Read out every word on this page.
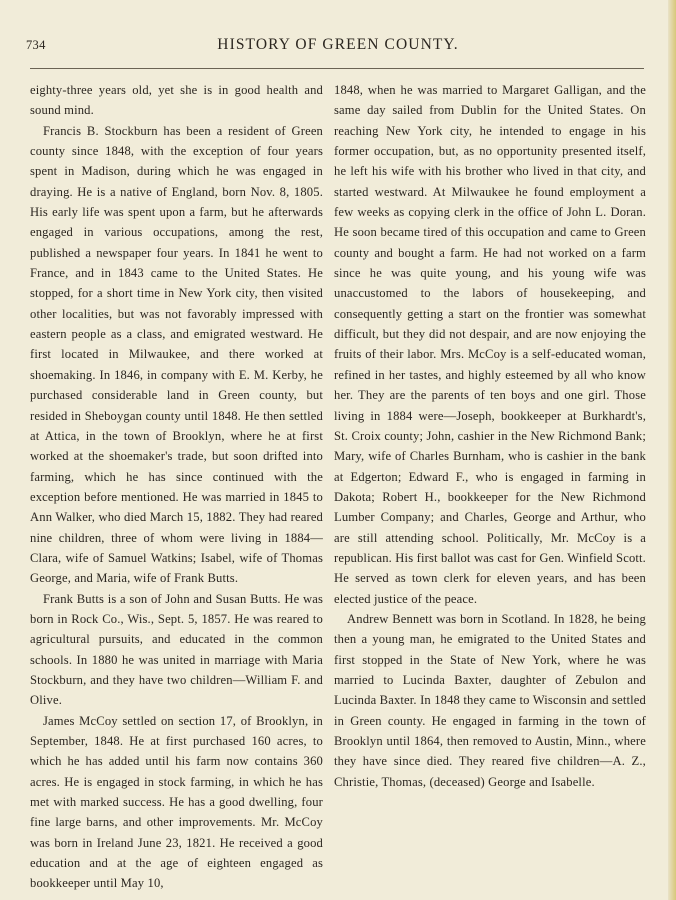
734	HISTORY OF GREEN COUNTY.

eighty-three years old, yet she is in good health and sound mind.

Francis B. Stockburn has been a resident of Green county since 1848, with the exception of four years spent in Madison, during which he was engaged in draying. He is a native of England, born Nov. 8, 1805. His early life was spent upon a farm, but he afterwards engaged in various occupations, among the rest, published a newspaper four years. In 1841 he went to France, and in 1843 came to the United States. He stopped, for a short time in New York city, then visited other localities, but was not favorably impressed with eastern people as a class, and emigrated westward. He first located in Milwaukee, and there worked at shoemaking. In 1846, in company with E. M. Kerby, he purchased considerable land in Green county, but resided in Sheboygan county until 1848. He then settled at Attica, in the town of Brooklyn, where he at first worked at the shoemaker's trade, but soon drifted into farming, which he has since continued with the exception before mentioned. He was married in 1845 to Ann Walker, who died March 15, 1882. They had reared nine children, three of whom were living in 1884—Clara, wife of Samuel Watkins; Isabel, wife of Thomas George, and Maria, wife of Frank Butts.

Frank Butts is a son of John and Susan Butts. He was born in Rock Co., Wis., Sept. 5, 1857. He was reared to agricultural pursuits, and educated in the common schools. In 1880 he was united in marriage with Maria Stockburn, and they have two children—William F. and Olive.

James McCoy settled on section 17, of Brooklyn, in September, 1848. He at first purchased 160 acres, to which he has added until his farm now contains 360 acres. He is engaged in stock farming, in which he has met with marked success. He has a good dwelling, four fine large barns, and other improvements. Mr. McCoy was born in Ireland June 23, 1821. He received a good education and at the age of eighteen engaged as bookkeeper until May 10,

1848, when he was married to Margaret Galligan, and the same day sailed from Dublin for the United States. On reaching New York city, he intended to engage in his former occupation, but, as no opportunity presented itself, he left his wife with his brother who lived in that city, and started westward. At Milwaukee he found employment a few weeks as copying clerk in the office of John L. Doran. He soon became tired of this occupation and came to Green county and bought a farm. He had not worked on a farm since he was quite young, and his young wife was unaccustomed to the labors of housekeeping, and consequently getting a start on the frontier was somewhat difficult, but they did not despair, and are now enjoying the fruits of their labor. Mrs. McCoy is a self-educated woman, refined in her tastes, and highly esteemed by all who know her. They are the parents of ten boys and one girl. Those living in 1884 were—Joseph, bookkeeper at Burkhardt's, St. Croix county; John, cashier in the New Richmond Bank; Mary, wife of Charles Burnham, who is cashier in the bank at Edgerton; Edward F., who is engaged in farming in Dakota; Robert H., bookkeeper for the New Richmond Lumber Company; and Charles, George and Arthur, who are still attending school. Politically, Mr. McCoy is a republican. His first ballot was cast for Gen. Winfield Scott. He served as town clerk for eleven years, and has been elected justice of the peace.

Andrew Bennett was born in Scotland. In 1828, he being then a young man, he emigrated to the United States and first stopped in the State of New York, where he was married to Lucinda Baxter, daughter of Zebulon and Lucinda Baxter. In 1848 they came to Wisconsin and settled in Green county. He engaged in farming in the town of Brooklyn until 1864, then removed to Austin, Minn., where they have since died. They reared five children—A. Z., Christie, Thomas, (deceased) George and Isabelle.
